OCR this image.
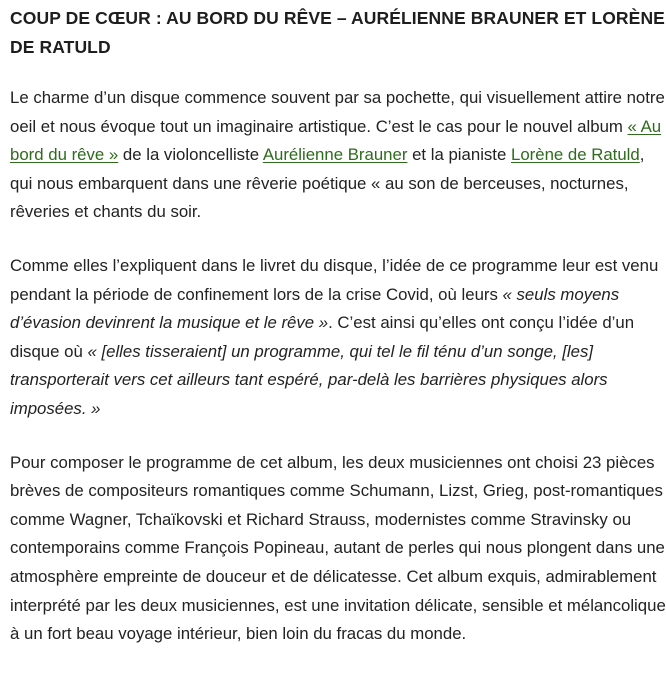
COUP DE CŒUR : AU BORD DU RÊVE – AURÉLIENNE BRAUNER ET LORÈNE DE RATULD

Le charme d’un disque commence souvent par sa pochette, qui visuellement attire notre oeil et nous évoque tout un imaginaire artistique. C’est le cas pour le nouvel album « Au bord du rêve » de la violoncelliste Aurélienne Brauner et la pianiste Lorène de Ratuld, qui nous embarquent dans une rêverie poétique « au son de berceuses, nocturnes, rêveries et chants du soir.

Comme elles l’expliquent dans le livret du disque, l’idée de ce programme leur est venu pendant la période de confinement lors de la crise Covid, où leurs « seuls moyens d’évasion devinrent la musique et le rêve ». C’est ainsi qu’elles ont conçu l’idée d’un disque où « [elles tisseraient] un programme, qui tel le fil ténu d’un songe, [les] transporterait vers cet ailleurs tant espéré, par-delà les barrières physiques alors imposées. »

Pour composer le programme de cet album, les deux musiciennes ont choisi 23 pièces brèves de compositeurs romantiques comme Schumann, Lizst, Grieg, post-romantiques comme Wagner, Tchaïkovski et Richard Strauss, modernistes comme Stravinsky ou contemporains comme François Popineau, autant de perles qui nous plongent dans une atmosphère empreinte de douceur et de délicatesse. Cet album exquis, admirablement interprété par les deux musiciennes, est une invitation délicate, sensible et mélancolique à un fort beau voyage intérieur, bien loin du fracas du monde.
